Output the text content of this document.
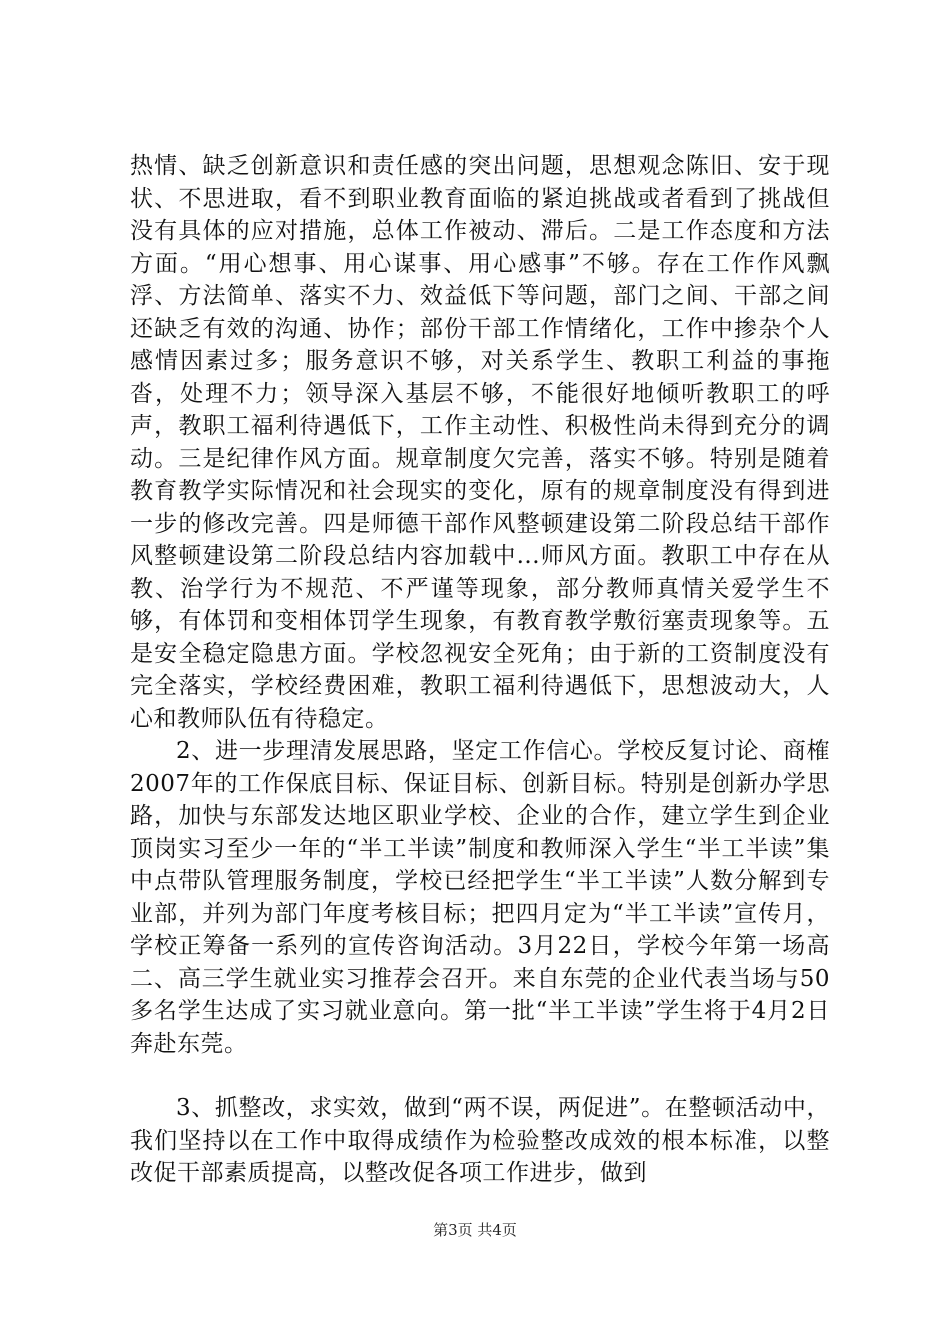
热情、缺乏创新意识和责任感的突出问题，思想观念陈旧、安于现状、不思进取，看不到职业教育面临的紧迫挑战或者看到了挑战但没有具体的应对措施，总体工作被动、滞后。二是工作态度和方法方面。“用心想事、用心谋事、用心感事”不够。存在工作作风飘浮、方法简单、落实不力、效益低下等问题，部门之间、干部之间还缺乏有效的沟通、协作；部份干部工作情绪化，工作中掺杂个人感情因素过多；服务意识不够，对关系学生、教职工利益的事拖沓，处理不力；领导深入基层不够，不能很好地倾听教职工的呼声，教职工福利待遇低下，工作主动性、积极性尚未得到充分的调动。三是纪律作风方面。规章制度欠完善，落实不够。特别是随着教育教学实际情况和社会现实的变化，原有的规章制度没有得到进一步的修改完善。四是师德干部作风整顿建设第二阶段总结干部作风整顿建设第二阶段总结内容加载中...师风方面。教职工中存在从教、治学行为不规范、不严谨等现象，部分教师真情关爱学生不够，有体罚和变相体罚学生现象，有教育教学敷衍塞责现象等。五是安全稳定隐患方面。学校忽视安全死角；由于新的工资制度没有完全落实，学校经费困难，教职工福利待遇低下，思想波动大，人心和教师队伍有待稳定。

2、进一步理清发展思路，坚定工作信心。学校反复讨论、商榷2007年的工作保底目标、保证目标、创新目标。特别是创新办学思路，加快与东部发达地区职业学校、企业的合作，建立学生到企业顶岗实习至少一年的“半工半读”制度和教师深入学生“半工半读”集中点带队管理服务制度，学校已经把学生“半工半读”人数分解到专业部，并列为部门年度考核目标；把四月定为“半工半读”宣传月，学校正筹备一系列的宣传咨询活动。3月22日，学校今年第一场高二、高三学生就业实习推荐会召开。来自东莞的企业代表当场与50多名学生达成了实习就业意向。第一批“半工半读”学生将于4月2日奔赴东莞。

3、抓整改，求实效，做到“两不误，两促进”。在整顿活动中，我们坚持以在工作中取得成绩作为检验整改成效的根本标准，以整改促干部素质提高，以整改促各项工作进步，做到

第3页 共4页
